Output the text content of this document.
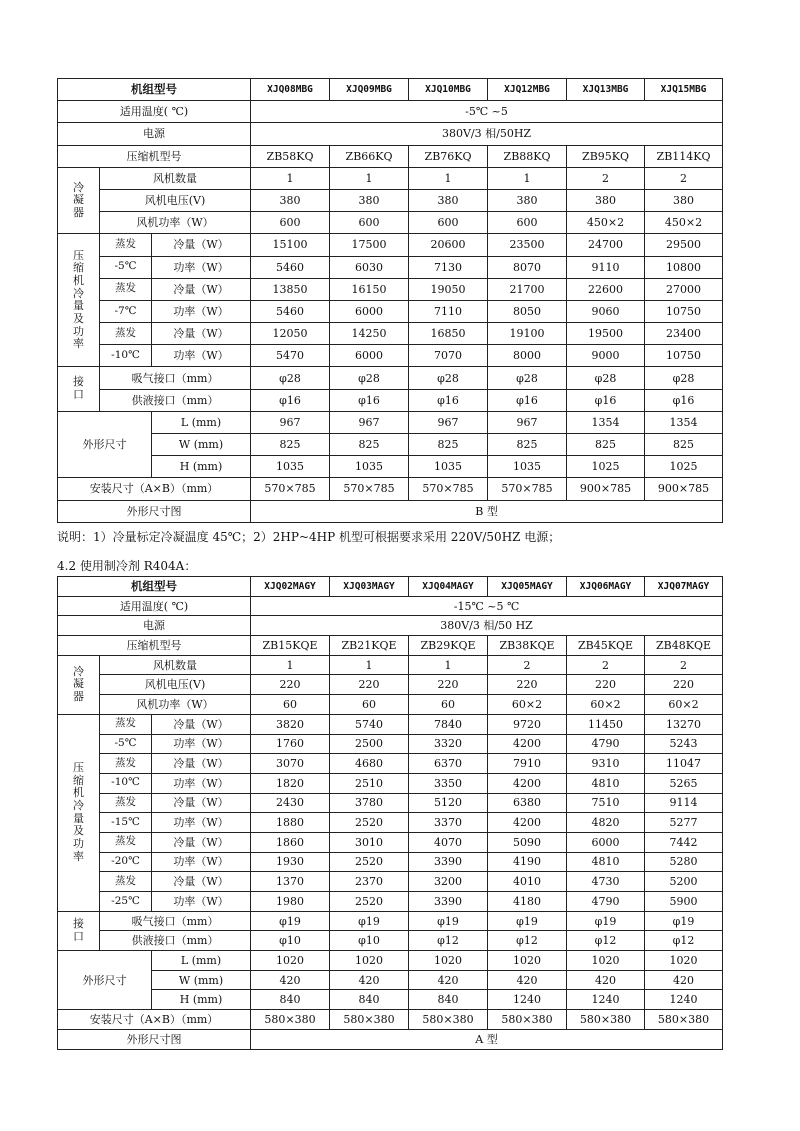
机组型号			XJQ08MBG	XJQ09MBG	XJQ10MBG	XJQ12MBG	XJQ13MBG	XJQ15MBG
适用温度( ℃)			-5℃ ~5					
电源			380V/3 相/50HZ					
压缩机型号			ZB58KQ	ZB66KQ	ZB76KQ	ZB88KQ	ZB95KQ	ZB114KQ
冷凝器	风机数量		1	1	1	1	2	2
	风机电压(V)		380	380	380	380	380	380
	风机功率（W）		600	600	600	600	450×2	450×2
压缩机冷量及功率	蒸发	冷量（W）	15100	17500	20600	23500	24700	29500
	-5℃	功率（W）	5460	6030	7130	8070	9110	10800
	蒸发	冷量（W）	13850	16150	19050	21700	22600	27000
	-7℃	功率（W）	5460	6000	7110	8050	9060	10750
	蒸发	冷量（W）	12050	14250	16850	19100	19500	23400
	-10℃	功率（W）	5470	6000	7070	8000	9000	10750
接口	吸气接口（mm）		φ28	φ28	φ28	φ28	φ28	φ28
	供液接口（mm）		φ16	φ16	φ16	φ16	φ16	φ16
外形尺寸		L (mm)	967	967	967	967	1354	1354
		W (mm)	825	825	825	825	825	825
		H (mm)	1035	1035	1035	1035	1025	1025
安装尺寸（A×B）（mm）			570×785	570×785	570×785	570×785	900×785	900×785
外形尺寸图			B 型					
说明：1）冷量标定冷凝温度 45℃；2）2HP~4HP 机型可根据要求采用 220V/50HZ 电源；
4.2 使用制冷剂 R404A：
机组型号			XJQ02MAGY	XJQ03MAGY	XJQ04MAGY	XJQ05MAGY	XJQ06MAGY	XJQ07MAGY
适用温度( ℃)			-15℃ ~5 ℃					
电源			380V/3 相/50 HZ					
压缩机型号			ZB15KQE	ZB21KQE	ZB29KQE	ZB38KQE	ZB45KQE	ZB48KQE
冷凝器	风机数量		1	1	1	2	2	2
	风机电压(V)		220	220	220	220	220	220
	风机功率（W）		60	60	60	60×2	60×2	60×2
压缩机冷量及功率	蒸发	冷量（W）	3820	5740	7840	9720	11450	13270
	-5℃	功率（W）	1760	2500	3320	4200	4790	5243
	蒸发	冷量（W）	3070	4680	6370	7910	9310	11047
	-10℃	功率（W）	1820	2510	3350	4200	4810	5265
	蒸发	冷量（W）	2430	3780	5120	6380	7510	9114
	-15℃	功率（W）	1880	2520	3370	4200	4820	5277
	蒸发	冷量（W）	1860	3010	4070	5090	6000	7442
	-20℃	功率（W）	1930	2520	3390	4190	4810	5280
	蒸发	冷量（W）	1370	2370	3200	4010	4730	5200
	-25℃	功率（W）	1980	2520	3390	4180	4790	5900
接口	吸气接口（mm）		φ19	φ19	φ19	φ19	φ19	φ19
	供液接口（mm）		φ10	φ10	φ12	φ12	φ12	φ12
外形尺寸		L (mm)	1020	1020	1020	1020	1020	1020
		W (mm)	420	420	420	420	420	420
		H (mm)	840	840	840	1240	1240	1240
安装尺寸（A×B）（mm）			580×380	580×380	580×380	580×380	580×380	580×380
外形尺寸图			A 型					
